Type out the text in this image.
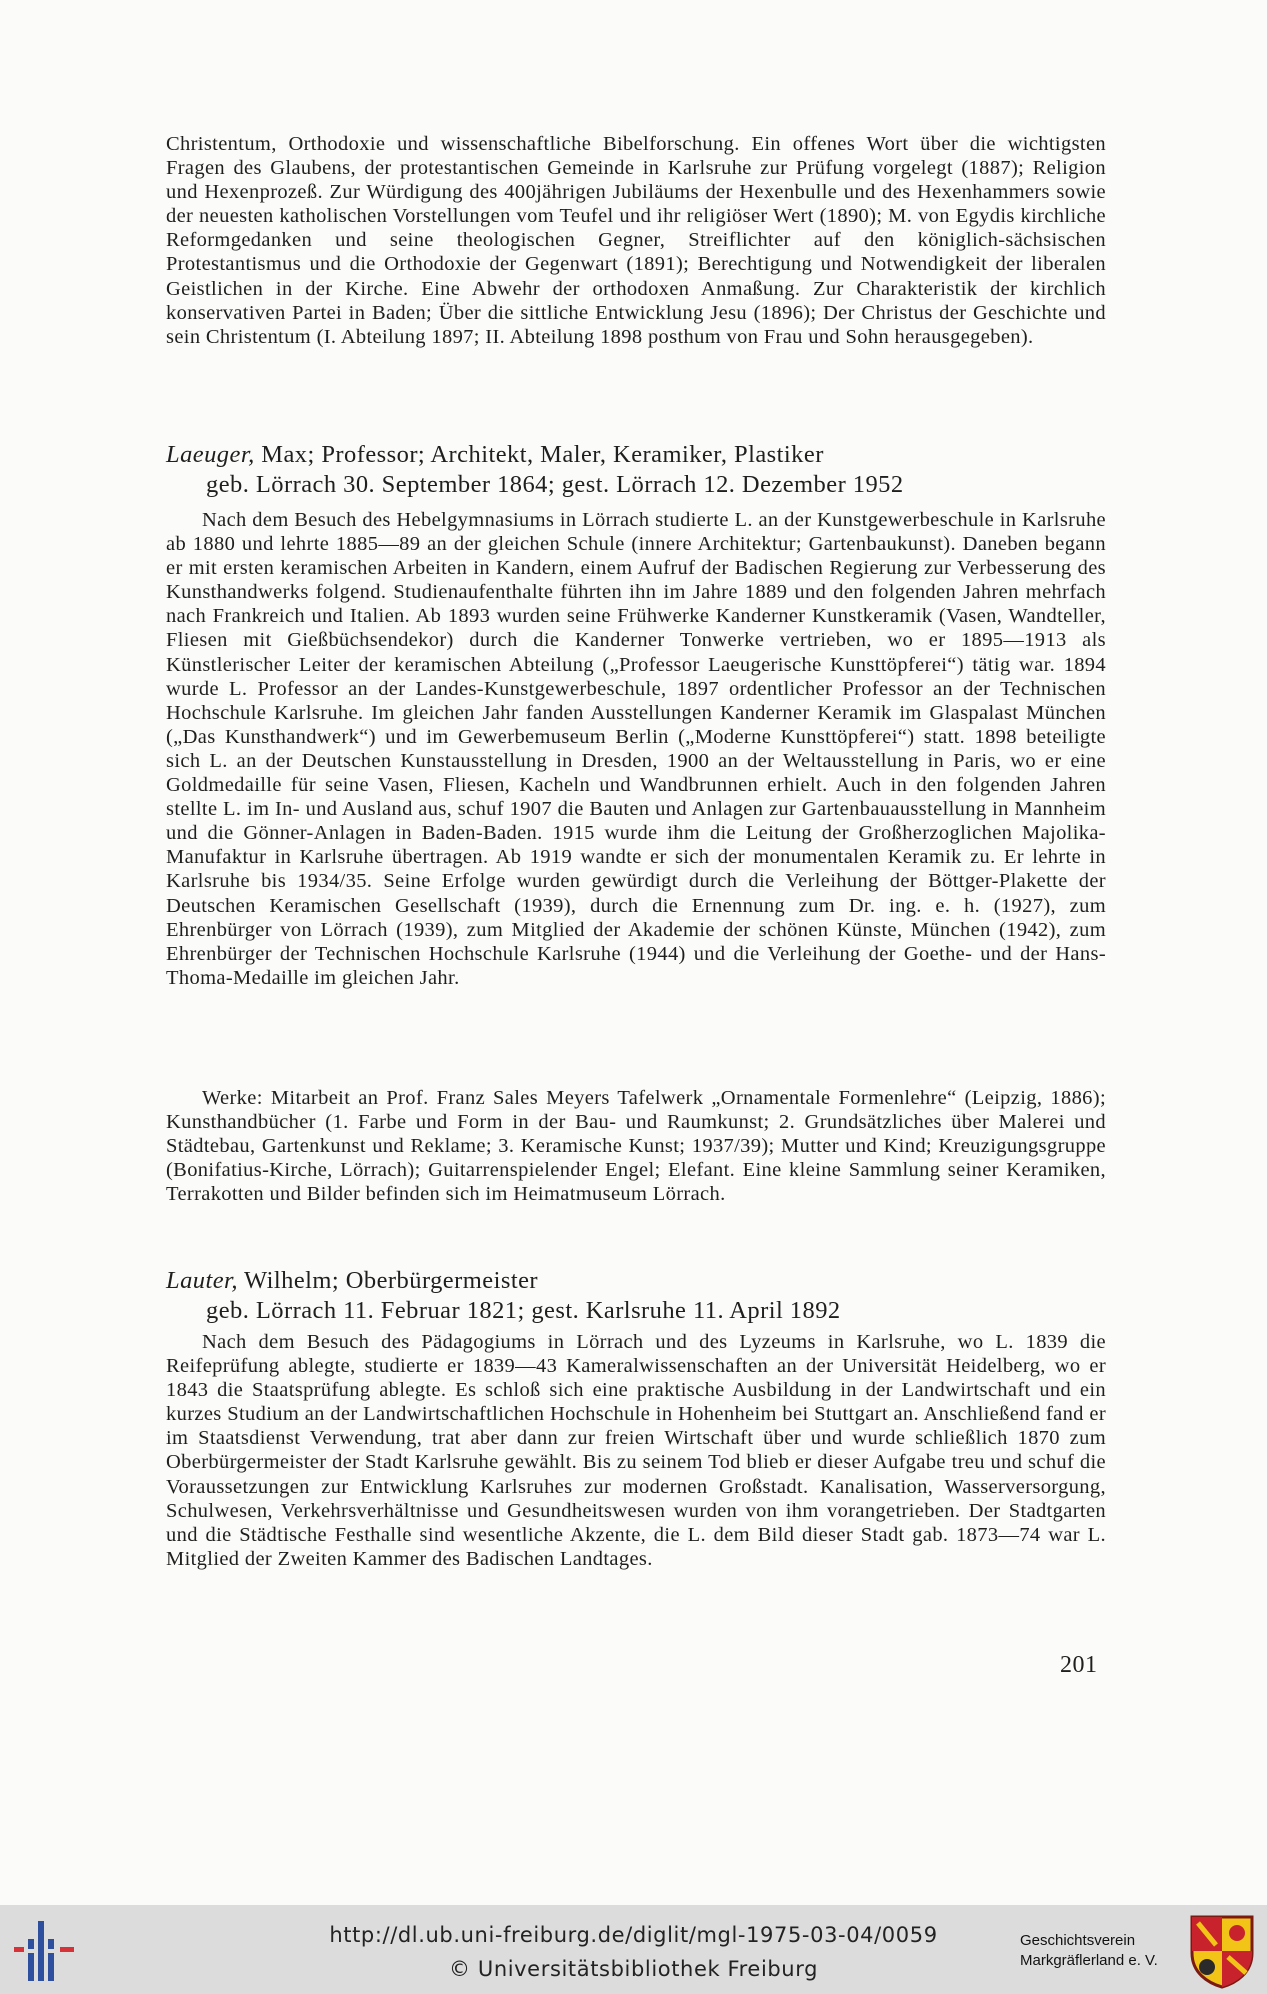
Christentum, Orthodoxie und wissenschaftliche Bibelforschung. Ein offenes Wort über die wichtigsten Fragen des Glaubens, der protestantischen Gemeinde in Karlsruhe zur Prüfung vorgelegt (1887); Religion und Hexenprozeß. Zur Würdigung des 400jährigen Jubiläums der Hexenbulle und des Hexenhammers sowie der neuesten katholischen Vorstellungen vom Teufel und ihr religiöser Wert (1890); M. von Egydis kirchliche Reformgedanken und seine theologischen Gegner, Streiflichter auf den königlich-sächsischen Protestantismus und die Orthodoxie der Gegenwart (1891); Berechtigung und Notwendigkeit der liberalen Geistlichen in der Kirche. Eine Abwehr der orthodoxen Anmaßung. Zur Charakteristik der kirchlich konservativen Partei in Baden; Über die sittliche Entwicklung Jesu (1896); Der Christus der Geschichte und sein Christentum (I. Abteilung 1897; II. Abteilung 1898 posthum von Frau und Sohn herausgegeben).

Laeuger, Max; Professor; Architekt, Maler, Keramiker, Plastiker
geb. Lörrach 30. September 1864; gest. Lörrach 12. Dezember 1952

Nach dem Besuch des Hebelgymnasiums in Lörrach studierte L. an der Kunstgewerbeschule in Karlsruhe ab 1880 und lehrte 1885—89 an der gleichen Schule (innere Architektur; Gartenbaukunst). Daneben begann er mit ersten keramischen Arbeiten in Kandern, einem Aufruf der Badischen Regierung zur Verbesserung des Kunsthandwerks folgend. Studienaufenthalte führten ihn im Jahre 1889 und den folgenden Jahren mehrfach nach Frankreich und Italien. Ab 1893 wurden seine Frühwerke Kanderner Kunstkeramik (Vasen, Wandteller, Fliesen mit Gießbüchsendekor) durch die Kanderner Tonwerke vertrieben, wo er 1895—1913 als Künstlerischer Leiter der keramischen Abteilung („Professor Laeugerische Kunsttöpferei“) tätig war. 1894 wurde L. Professor an der Landes-Kunstgewerbeschule, 1897 ordentlicher Professor an der Technischen Hochschule Karlsruhe. Im gleichen Jahr fanden Ausstellungen Kanderner Keramik im Glaspalast München („Das Kunsthandwerk“) und im Gewerbemuseum Berlin („Moderne Kunsttöpferei“) statt. 1898 beteiligte sich L. an der Deutschen Kunstausstellung in Dresden, 1900 an der Weltausstellung in Paris, wo er eine Goldmedaille für seine Vasen, Fliesen, Kacheln und Wandbrunnen erhielt. Auch in den folgenden Jahren stellte L. im In- und Ausland aus, schuf 1907 die Bauten und Anlagen zur Gartenbauausstellung in Mannheim und die Gönner-Anlagen in Baden-Baden. 1915 wurde ihm die Leitung der Großherzoglichen Majolika-Manufaktur in Karlsruhe übertragen. Ab 1919 wandte er sich der monumentalen Keramik zu. Er lehrte in Karlsruhe bis 1934/35. Seine Erfolge wurden gewürdigt durch die Verleihung der Böttger-Plakette der Deutschen Keramischen Gesellschaft (1939), durch die Ernennung zum Dr. ing. e. h. (1927), zum Ehrenbürger von Lörrach (1939), zum Mitglied der Akademie der schönen Künste, München (1942), zum Ehrenbürger der Technischen Hochschule Karlsruhe (1944) und die Verleihung der Goethe- und der Hans-Thoma-Medaille im gleichen Jahr.

Werke: Mitarbeit an Prof. Franz Sales Meyers Tafelwerk „Ornamentale Formenlehre“ (Leipzig, 1886); Kunsthandbücher (1. Farbe und Form in der Bau- und Raumkunst; 2. Grundsätzliches über Malerei und Städtebau, Gartenkunst und Reklame; 3. Keramische Kunst; 1937/39); Mutter und Kind; Kreuzigungsgruppe (Bonifatius-Kirche, Lörrach); Guitarrenspielender Engel; Elefant. Eine kleine Sammlung seiner Keramiken, Terrakotten und Bilder befinden sich im Heimatmuseum Lörrach.

Lauter, Wilhelm; Oberbürgermeister
geb. Lörrach 11. Februar 1821; gest. Karlsruhe 11. April 1892

Nach dem Besuch des Pädagogiums in Lörrach und des Lyzeums in Karlsruhe, wo L. 1839 die Reifeprüfung ablegte, studierte er 1839—43 Kameralwissenschaften an der Universität Heidelberg, wo er 1843 die Staatsprüfung ablegte. Es schloß sich eine praktische Ausbildung in der Landwirtschaft und ein kurzes Studium an der Landwirtschaftlichen Hochschule in Hohenheim bei Stuttgart an. Anschließend fand er im Staatsdienst Verwendung, trat aber dann zur freien Wirtschaft über und wurde schließlich 1870 zum Oberbürgermeister der Stadt Karlsruhe gewählt. Bis zu seinem Tod blieb er dieser Aufgabe treu und schuf die Voraussetzungen zur Entwicklung Karlsruhes zur modernen Großstadt. Kanalisation, Wasserversorgung, Schulwesen, Verkehrsverhältnisse und Gesundheitswesen wurden von ihm vorangetrieben. Der Stadtgarten und die Städtische Festhalle sind wesentliche Akzente, die L. dem Bild dieser Stadt gab. 1873—74 war L. Mitglied der Zweiten Kammer des Badischen Landtages.

201
http://dl.ub.uni-freiburg.de/diglit/mgl-1975-03-04/0059
© Universitätsbibliothek Freiburg
Geschichtsverein
Markgräflerland e. V.
